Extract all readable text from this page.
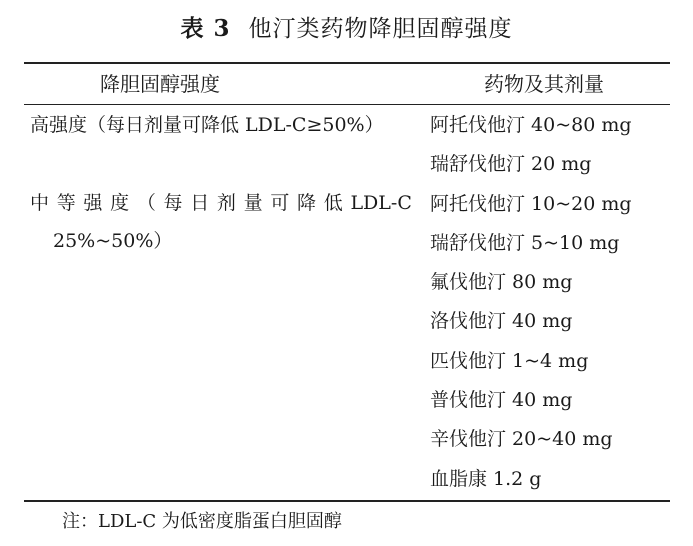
表 3 他汀类药物降胆固醇强度
降胆固醇强度	药物及其剂量
高强度（每日剂量可降低 LDL-C≥50%）
中 等 强 度 （ 每 日 剂 量 可 降 低 LDL-C
25%~50%）
阿托伐他汀 40~80 mg
瑞舒伐他汀 20 mg
阿托伐他汀 10~20 mg
瑞舒伐他汀 5~10 mg
氟伐他汀 80 mg
洛伐他汀 40 mg
匹伐他汀 1~4 mg
普伐他汀 40 mg
辛伐他汀 20~40 mg
血脂康 1.2 g
注：LDL-C 为低密度脂蛋白胆固醇
